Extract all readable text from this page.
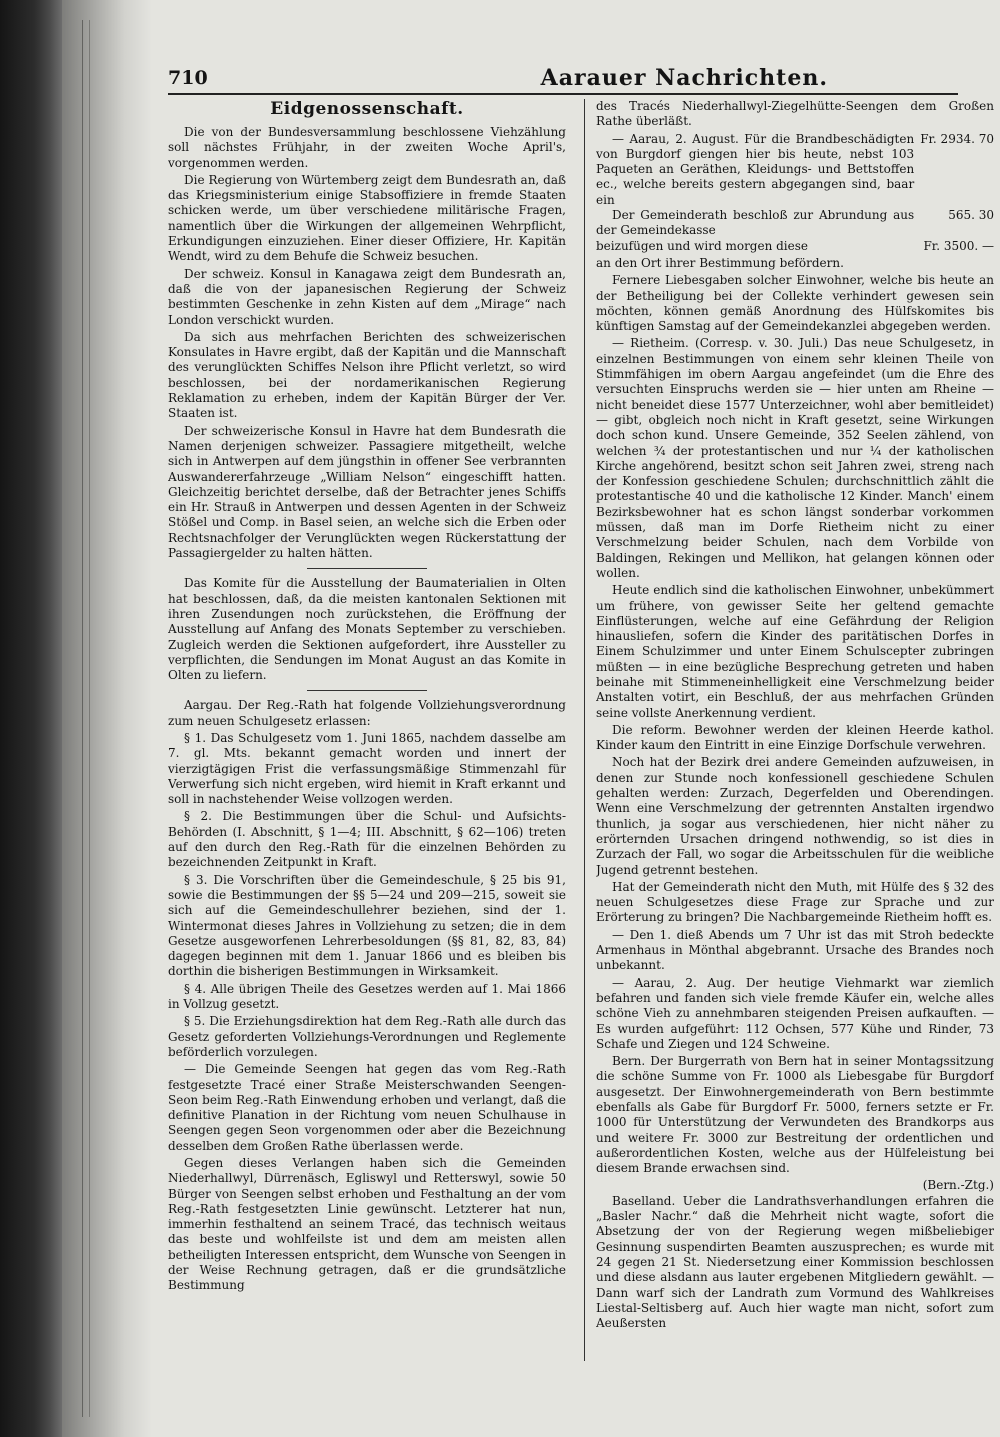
710	Aarauer Nachrichten.
Eidgenossenschaft.

Die von der Bundesversammlung beschlossene Viehzählung soll nächstes Frühjahr, in der zweiten Woche April's, vorgenommen werden.

Die Regierung von Würtemberg zeigt dem Bundesrath an, daß das Kriegsministerium einige Stabsoffiziere in fremde Staaten schicken werde, um über verschiedene militärische Fragen, namentlich über die Wirkungen der allgemeinen Wehrpflicht, Erkundigungen einzuziehen. Einer dieser Offiziere, Hr. Kapitän Wendt, wird zu dem Behufe die Schweiz besuchen.

Der schweiz. Konsul in Kanagawa zeigt dem Bundesrath an, daß die von der japanesischen Regierung der Schweiz bestimmten Geschenke in zehn Kisten auf dem „Mirage“ nach London verschickt wurden.

Da sich aus mehrfachen Berichten des schweizerischen Konsulates in Havre ergibt, daß der Kapitän und die Mannschaft des verunglückten Schiffes Nelson ihre Pflicht verletzt, so wird beschlossen, bei der nordamerikanischen Regierung Reklamation zu erheben, indem der Kapitän Bürger der Ver. Staaten ist.

Der schweizerische Konsul in Havre hat dem Bundesrath die Namen derjenigen schweizer. Passagiere mitgetheilt, welche sich in Antwerpen auf dem jüngsthin in offener See verbrannten Auswandererfahrzeuge „William Nelson“ eingeschifft hatten. Gleichzeitig berichtet derselbe, daß der Betrachter jenes Schiffs ein Hr. Strauß in Antwerpen und dessen Agenten in der Schweiz Stößel und Comp. in Basel seien, an welche sich die Erben oder Rechtsnachfolger der Verunglückten wegen Rückerstattung der Passagiergelder zu halten hätten.

Das Komite für die Ausstellung der Baumaterialien in Olten hat beschlossen, daß, da die meisten kantonalen Sektionen mit ihren Zusendungen noch zurückstehen, die Eröffnung der Ausstellung auf Anfang des Monats September zu verschieben. Zugleich werden die Sektionen aufgefordert, ihre Aussteller zu verpflichten, die Sendungen im Monat August an das Komite in Olten zu liefern.

Aargau. Der Reg.-Rath hat folgende Vollziehungsverordnung zum neuen Schulgesetz erlassen:

§ 1. Das Schulgesetz vom 1. Juni 1865, nachdem dasselbe am 7. gl. Mts. bekannt gemacht worden und innert der vierzigtägigen Frist die verfassungsmäßige Stimmenzahl für Verwerfung sich nicht ergeben, wird hiemit in Kraft erkannt und soll in nachstehender Weise vollzogen werden.

§ 2. Die Bestimmungen über die Schul- und Aufsichts-Behörden (I. Abschnitt, § 1—4; III. Abschnitt, § 62—106) treten auf den durch den Reg.-Rath für die einzelnen Behörden zu bezeichnenden Zeitpunkt in Kraft.

§ 3. Die Vorschriften über die Gemeindeschule, § 25 bis 91, sowie die Bestimmungen der §§ 5—24 und 209—215, soweit sie sich auf die Gemeindeschullehrer beziehen, sind der 1. Wintermonat dieses Jahres in Vollziehung zu setzen; die in dem Gesetze ausgeworfenen Lehrerbesoldungen (§§ 81, 82, 83, 84) dagegen beginnen mit dem 1. Januar 1866 und es bleiben bis dorthin die bisherigen Bestimmungen in Wirksamkeit.

§ 4. Alle übrigen Theile des Gesetzes werden auf 1. Mai 1866 in Vollzug gesetzt.

§ 5. Die Erziehungsdirektion hat dem Reg.-Rath alle durch das Gesetz geforderten Vollziehungs-Verordnungen und Reglemente beförderlich vorzulegen.

— Die Gemeinde Seengen hat gegen das vom Reg.-Rath festgesetzte Tracé einer Straße Meisterschwanden Seengen-Seon beim Reg.-Rath Einwendung erhoben und verlangt, daß die definitive Planation in der Richtung vom neuen Schulhause in Seengen gegen Seon vorgenommen oder aber die Bezeichnung desselben dem Großen Rathe überlassen werde.

Gegen dieses Verlangen haben sich die Gemeinden Niederhallwyl, Dürrenäsch, Egliswyl und Retterswyl, sowie 50 Bürger von Seengen selbst erhoben und Festhaltung an der vom Reg.-Rath festgesetzten Linie gewünscht. Letzterer hat nun, immerhin festhaltend an seinem Tracé, das technisch weitaus das beste und wohlfeilste ist und dem am meisten allen betheiligten Interessen entspricht, dem Wunsche von Seengen in der Weise Rechnung getragen, daß er die grundsätzliche Bestimmung

des Tracés Niederhallwyl-Ziegelhütte-Seengen dem Großen Rathe überläßt.

— Aarau, 2. August. Für die Brandbeschädigten von Burgdorf giengen hier bis heute, nebst 103 Paqueten an Geräthen, Kleidungs- und Bettstoffen ec., welche bereits gestern abgegangen sind, baar ein
Fr. 2934. 70
Der Gemeinderath beschloß zur Abrundung aus der Gemeindekasse
565. 30
beizufügen und wird morgen diese	Fr. 3500. —

an den Ort ihrer Bestimmung befördern.

Fernere Liebesgaben solcher Einwohner, welche bis heute an der Betheiligung bei der Collekte verhindert gewesen sein möchten, können gemäß Anordnung des Hülfskomites bis künftigen Samstag auf der Gemeindekanzlei abgegeben werden.

— Rietheim. (Corresp. v. 30. Juli.) Das neue Schulgesetz, in einzelnen Bestimmungen von einem sehr kleinen Theile von Stimmfähigen im obern Aargau angefeindet (um die Ehre des versuchten Einspruchs werden sie — hier unten am Rheine — nicht beneidet diese 1577 Unterzeichner, wohl aber bemitleidet) — gibt, obgleich noch nicht in Kraft gesetzt, seine Wirkungen doch schon kund. Unsere Gemeinde, 352 Seelen zählend, von welchen ¾ der protestantischen und nur ¼ der katholischen Kirche angehörend, besitzt schon seit Jahren zwei, streng nach der Konfession geschiedene Schulen; durchschnittlich zählt die protestantische 40 und die katholische 12 Kinder. Manch' einem Bezirksbewohner hat es schon längst sonderbar vorkommen müssen, daß man im Dorfe Rietheim nicht zu einer Verschmelzung beider Schulen, nach dem Vorbilde von Baldingen, Rekingen und Mellikon, hat gelangen können oder wollen.

Heute endlich sind die katholischen Einwohner, unbekümmert um frühere, von gewisser Seite her geltend gemachte Einflüsterungen, welche auf eine Gefährdung der Religion hinausliefen, sofern die Kinder des paritätischen Dorfes in Einem Schulzimmer und unter Einem Schulscepter zubringen müßten — in eine bezügliche Besprechung getreten und haben beinahe mit Stimmeneinhelligkeit eine Verschmelzung beider Anstalten votirt, ein Beschluß, der aus mehrfachen Gründen seine vollste Anerkennung verdient.

Die reform. Bewohner werden der kleinen Heerde kathol. Kinder kaum den Eintritt in eine Einzige Dorfschule verwehren.

Noch hat der Bezirk drei andere Gemeinden aufzuweisen, in denen zur Stunde noch konfessionell geschiedene Schulen gehalten werden: Zurzach, Degerfelden und Oberendingen. Wenn eine Verschmelzung der getrennten Anstalten irgendwo thunlich, ja sogar aus verschiedenen, hier nicht näher zu erörternden Ursachen dringend nothwendig, so ist dies in Zurzach der Fall, wo sogar die Arbeitsschulen für die weibliche Jugend getrennt bestehen.

Hat der Gemeinderath nicht den Muth, mit Hülfe des § 32 des neuen Schulgesetzes diese Frage zur Sprache und zur Erörterung zu bringen? Die Nachbargemeinde Rietheim hofft es.

— Den 1. dieß Abends um 7 Uhr ist das mit Stroh bedeckte Armenhaus in Mönthal abgebrannt. Ursache des Brandes noch unbekannt.

— Aarau, 2. Aug. Der heutige Viehmarkt war ziemlich befahren und fanden sich viele fremde Käufer ein, welche alles schöne Vieh zu annehmbaren steigenden Preisen aufkauften. — Es wurden aufgeführt: 112 Ochsen, 577 Kühe und Rinder, 73 Schafe und Ziegen und 124 Schweine.

Bern. Der Burgerrath von Bern hat in seiner Montagssitzung die schöne Summe von Fr. 1000 als Liebesgabe für Burgdorf ausgesetzt. Der Einwohnergemeinderath von Bern bestimmte ebenfalls als Gabe für Burgdorf Fr. 5000, ferners setzte er Fr. 1000 für Unterstützung der Verwundeten des Brandkorps aus und weitere Fr. 3000 zur Bestreitung der ordentlichen und außerordentlichen Kosten, welche aus der Hülfeleistung bei diesem Brande erwachsen sind.

(Bern.-Ztg.)

Baselland. Ueber die Landrathsverhandlungen erfahren die „Basler Nachr.“ daß die Mehrheit nicht wagte, sofort die Absetzung der von der Regierung wegen mißbeliebiger Gesinnung suspendirten Beamten auszusprechen; es wurde mit 24 gegen 21 St. Niedersetzung einer Kommission beschlossen und diese alsdann aus lauter ergebenen Mitgliedern gewählt. — Dann warf sich der Landrath zum Vormund des Wahlkreises Liestal-Seltisberg auf. Auch hier wagte man nicht, sofort zum Aeußersten
